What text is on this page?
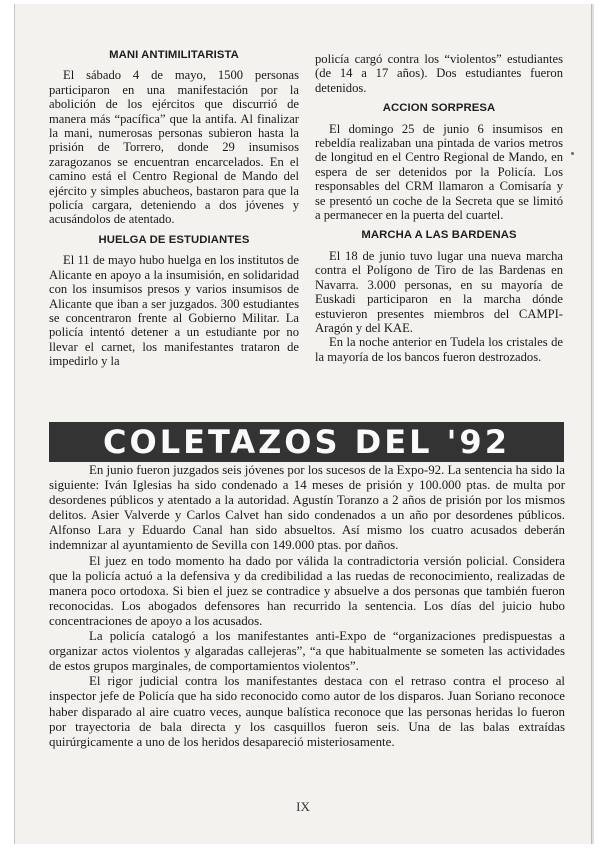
MANI ANTIMILITARISTA

El sábado 4 de mayo, 1500 personas participaron en una manifestación por la abolición de los ejércitos que discurrió de manera más “pacífica” que la antifa. Al finalizar la mani, numerosas personas subieron hasta la prisión de Torrero, donde 29 insumisos zaragozanos se encuentran encarcelados. En el camino está el Centro Regional de Mando del ejército y simples abucheos, bastaron para que la policía cargara, deteniendo a dos jóvenes y acusándolos de atentado.

HUELGA DE ESTUDIANTES

El 11 de mayo hubo huelga en los institutos de Alicante en apoyo a la insumisión, en solidaridad con los insumisos presos y varios insumisos de Alicante que iban a ser juzgados. 300 estudiantes se concentraron frente al Gobierno Militar. La policía intentó detener a un estudiante por no llevar el carnet, los manifestantes trataron de impedirlo y la

policía cargó contra los “violentos” estudiantes (de 14 a 17 años). Dos estudiantes fueron detenidos.

ACCION SORPRESA

El domingo 25 de junio 6 insumisos en rebeldía realizaban una pintada de varios metros de longitud en el Centro Regional de Mando, en espera de ser detenidos por la Policía. Los responsables del CRM llamaron a Comisaría y se presentó un coche de la Secreta que se limitó a permanecer en la puerta del cuartel.

MARCHA A LAS BARDENAS

El 18 de junio tuvo lugar una nueva marcha contra el Polígono de Tiro de las Bardenas en Navarra. 3.000 personas, en su mayoría de Euskadi participaron en la marcha dónde estuvieron presentes miembros del CAMPI-Aragón y del KAE.

En la noche anterior en Tudela los cristales de la mayoría de los bancos fueron destrozados.

COLETAZOS DEL '92

En junio fueron juzgados seis jóvenes por los sucesos de la Expo-92. La sentencia ha sido la siguiente: Iván Iglesias ha sido condenado a 14 meses de prisión y 100.000 ptas. de multa por desordenes públicos y atentado a la autoridad. Agustín Toranzo a 2 años de prisión por los mismos delitos. Asier Valverde y Carlos Calvet han sido condenados a un año por desordenes públicos. Alfonso Lara y Eduardo Canal han sido absueltos. Así mismo los cuatro acusados deberán indemnizar al ayuntamiento de Sevilla con 149.000 ptas. por daños.

El juez en todo momento ha dado por válida la contradictoria versión policial. Considera que la policía actuó a la defensiva y da credibilidad a las ruedas de reconocimiento, realizadas de manera poco ortodoxa. Si bien el juez se contradice y absuelve a dos personas que también fueron reconocidas. Los abogados defensores han recurrido la sentencia. Los días del juicio hubo concentraciones de apoyo a los acusados.

La policía catalogó a los manifestantes anti-Expo de “organizaciones predispuestas a organizar actos violentos y algaradas callejeras”, “a que habitualmente se someten las actividades de estos grupos marginales, de comportamientos violentos”.

El rigor judicial contra los manifestantes destaca con el retraso contra el proceso al inspector jefe de Policía que ha sido reconocido como autor de los disparos. Juan Soriano reconoce haber disparado al aire cuatro veces, aunque balística reconoce que las personas heridas lo fueron por trayectoria de bala directa y los casquillos fueron seis. Una de las balas extraídas quirúrgicamente a uno de los heridos desapareció misteriosamente.

IX
